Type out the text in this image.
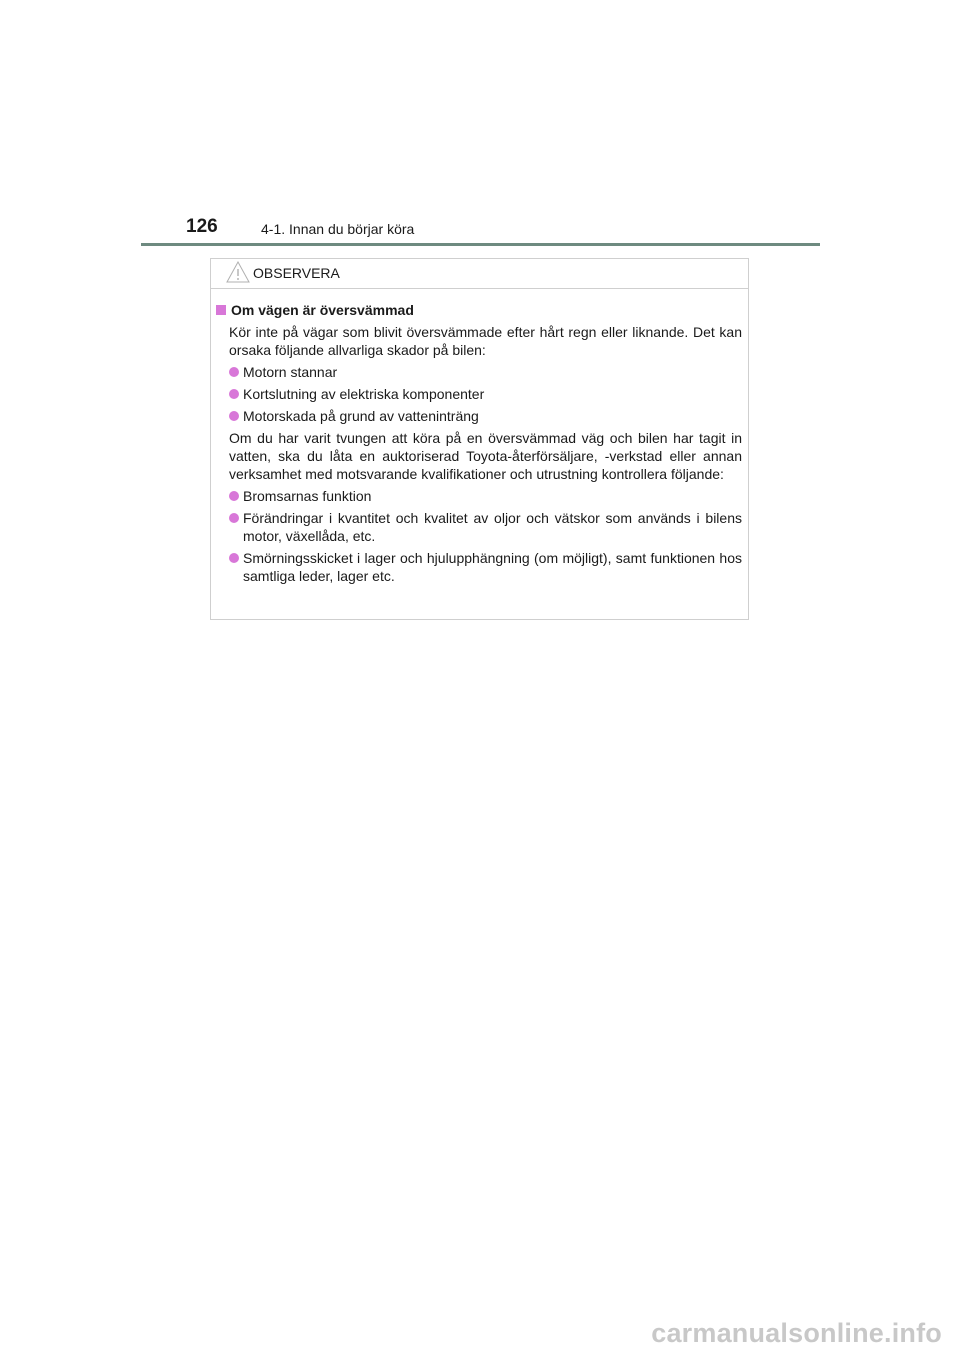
126	4-1. Innan du börjar köra
OBSERVERA
Om vägen är översvämmad

Kör inte på vägar som blivit översvämmade efter hårt regn eller liknande. Det kan orsaka följande allvarliga skador på bilen:

Motorn stannar
Kortslutning av elektriska komponenter
Motorskada på grund av vatteninträng

Om du har varit tvungen att köra på en översvämmad väg och bilen har tagit in vatten, ska du låta en auktoriserad Toyota-återförsäljare, -verkstad eller annan verksamhet med motsvarande kvalifikationer och utrustning kontrollera följande:

Bromsarnas funktion
Förändringar i kvantitet och kvalitet av oljor och vätskor som används i bilens motor, växellåda, etc.
Smörningsskicket i lager och hjulupphängning (om möjligt), samt funktionen hos samtliga leder, lager etc.
carmanualsonline.info
